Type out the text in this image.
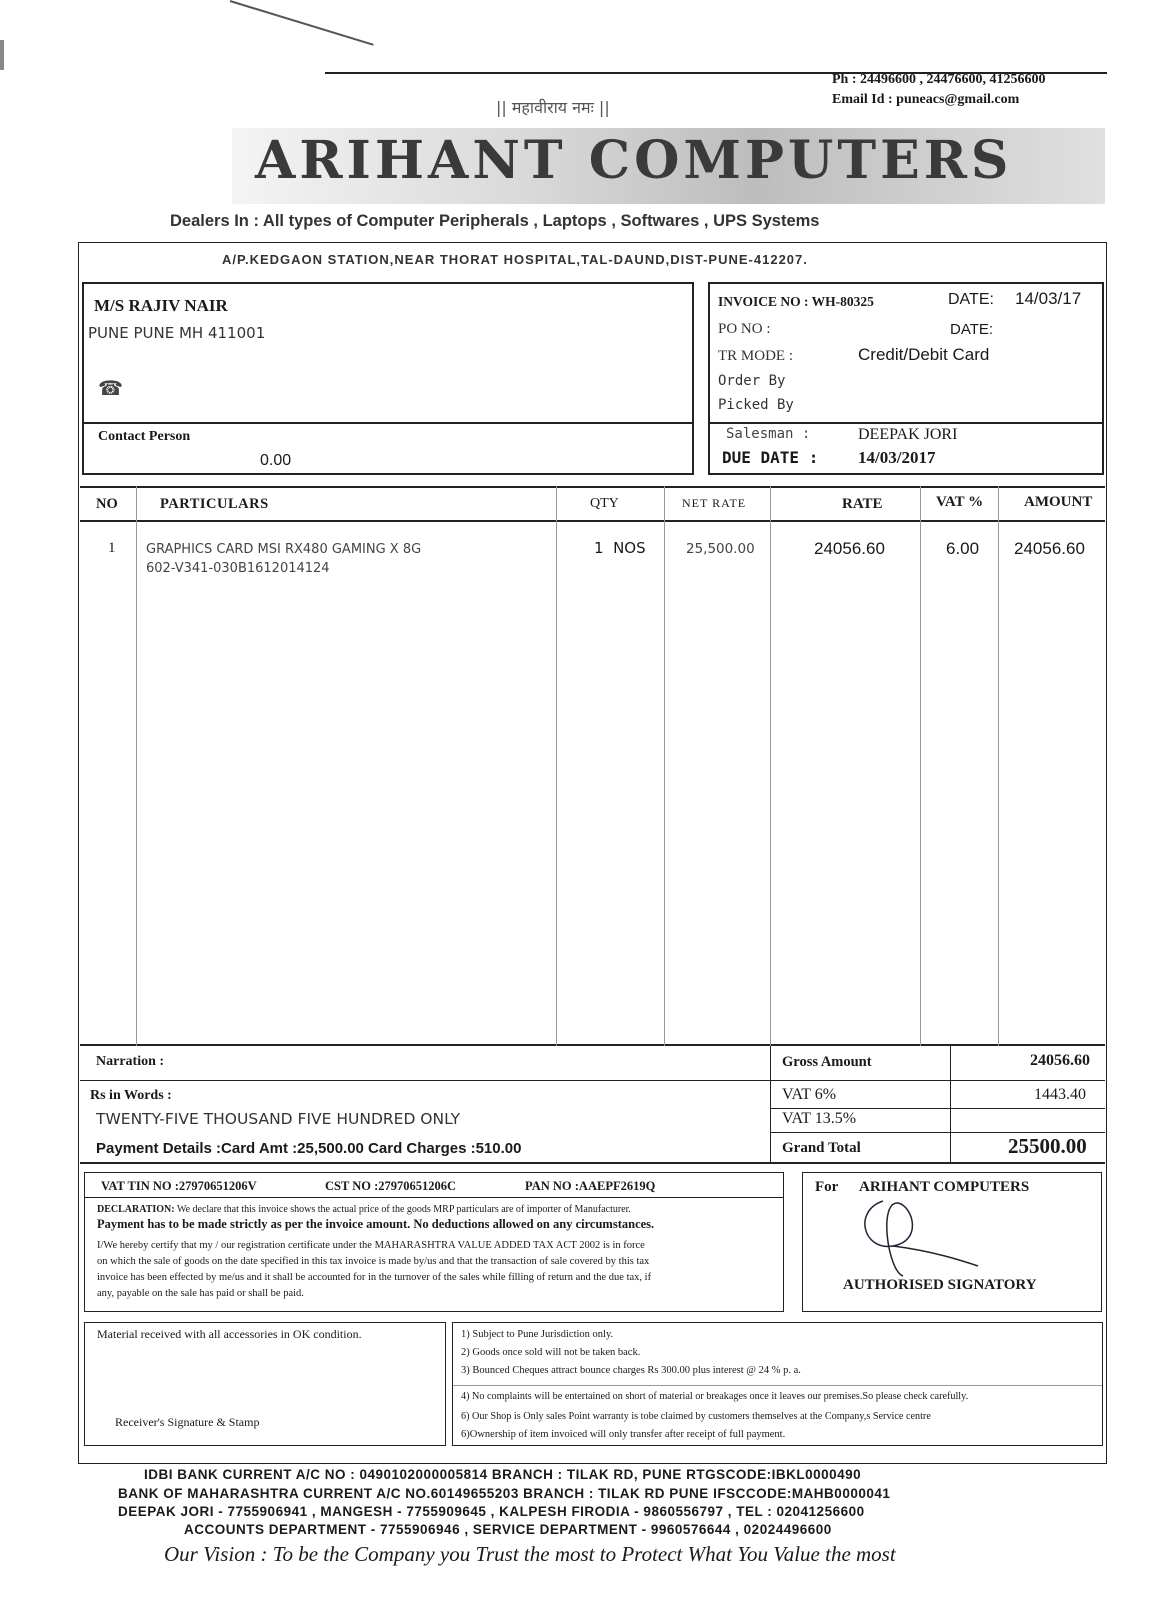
Ph : 24496600 , 24476600, 41256600
Email Id : puneacs@gmail.com
|| महावीराय नमः ||
ARIHANT COMPUTERS
Dealers In : All types of Computer Peripherals , Laptops , Softwares , UPS Systems
A/P.KEDGAON STATION,NEAR THORAT HOSPITAL,TAL-DAUND,DIST-PUNE-412207.
M/S RAJIV NAIR
PUNE PUNE MH 411001
☎
Contact Person
0.00
INVOICE NO : WH-80325	DATE: 14/03/17
PO NO :	DATE:
TR MODE :	Credit/Debit Card
Order By
Picked By
Salesman :	DEEPAK JORI
DUE DATE : 14/03/2017
NO	PARTICULARS	QTY	NET RATE	RATE	VAT %	AMOUNT
1 GRAPHICS CARD MSI RX480 GAMING X 8G
602-V341-030B1612014124
1  NOS	25,500.00	24056.60	6.00 24056.60
Narration :
Rs in Words :
TWENTY-FIVE THOUSAND FIVE HUNDRED ONLY
Payment Details :Card Amt :25,500.00 Card Charges :510.00
Gross Amount	24056.60
VAT 6%	1443.40
VAT 13.5%
Grand Total	25500.00
VAT TIN NO :27970651206V	CST NO :27970651206C	PAN NO :AAEPF2619Q
DECLARATION: We declare that this invoice shows the actual price of the goods MRP particulars are of importer of Manufacturer.
Payment has to be made strictly as per the invoice amount. No deductions allowed on any circumstances.
I/We hereby certify that my / our registration certificate under the MAHARASHTRA VALUE ADDED TAX ACT 2002 is in force
on which the sale of goods on the date specified in this tax invoice is made by/us and that the transaction of sale covered by this tax
invoice has been effected by me/us and it shall be accounted for in the turnover of the sales while filling of return and the due tax, if
any, payable on the sale has paid or shall be paid.
For ARIHANT COMPUTERS
AUTHORISED SIGNATORY
Material received with all accessories in OK condition.
Receiver's Signature & Stamp
1) Subject to Pune Jurisdiction only.
2) Goods once sold will not be taken back.
3) Bounced Cheques attract bounce charges Rs 300.00 plus interest @ 24 % p. a.
4) No complaints will be entertained on short of material or breakages once it leaves our premises.So please check carefully.
6) Our Shop is Only sales Point warranty is tobe claimed by customers themselves at the Company,s Service centre
6)Ownership of item invoiced will only transfer after receipt of full payment.
IDBI BANK CURRENT A/C NO : 0490102000005814 BRANCH : TILAK RD, PUNE RTGSCODE:IBKL0000490
BANK OF MAHARASHTRA CURRENT A/C NO.60149655203 BRANCH : TILAK RD PUNE IFSCCODE:MAHB0000041
DEEPAK JORI - 7755906941 , MANGESH - 7755909645 , KALPESH FIRODIA - 9860556797 , TEL : 02041256600
ACCOUNTS DEPARTMENT - 7755906946 , SERVICE DEPARTMENT - 9960576644 , 02024496600
Our Vision : To be the Company you Trust the most to Protect What You Value the most
